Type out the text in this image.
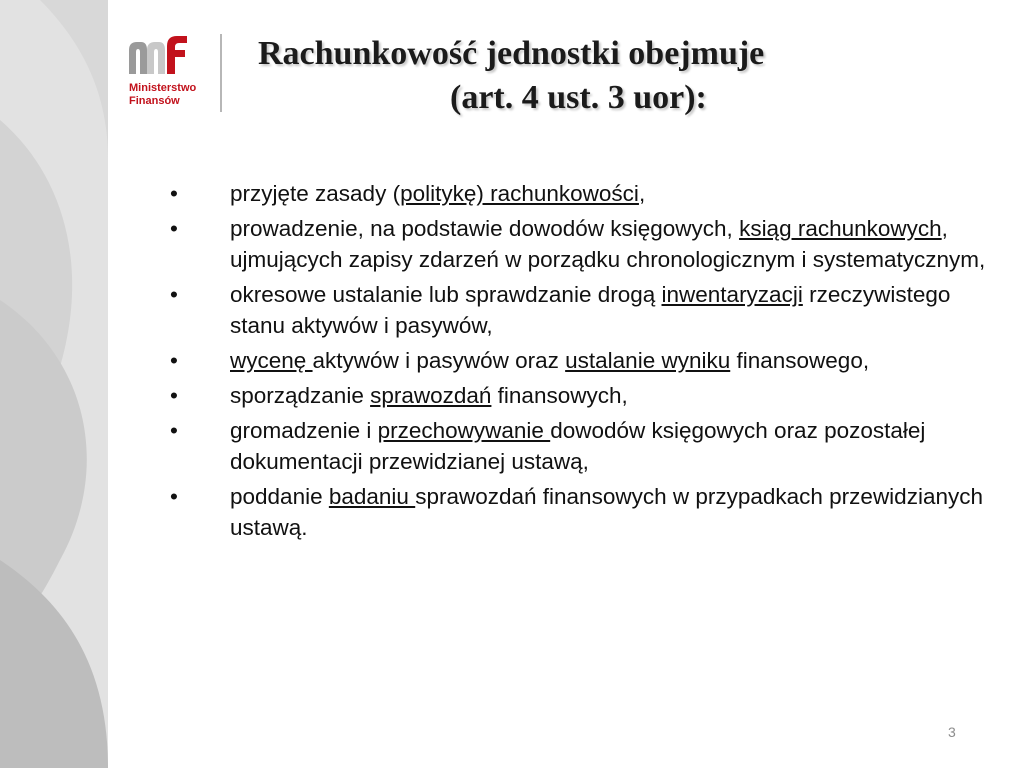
Ministerstwo
Finansów
Rachunkowość jednostki obejmuje
(art. 4 ust. 3 uor):
• przyjęte zasady (politykę) rachunkowości,
• prowadzenie, na podstawie dowodów księgowych, ksiąg rachunkowych, ujmujących zapisy zdarzeń w porządku chronologicznym i systematycznym,
• okresowe ustalanie lub sprawdzanie drogą inwentaryzacji rzeczywistego stanu aktywów i pasywów,
• wycenę aktywów i pasywów oraz ustalanie wyniku finansowego,
• sporządzanie sprawozdań finansowych,
• gromadzenie i przechowywanie dowodów księgowych oraz pozostałej dokumentacji przewidzianej ustawą,
• poddanie badaniu sprawozdań finansowych w przypadkach przewidzianych ustawą.
3
